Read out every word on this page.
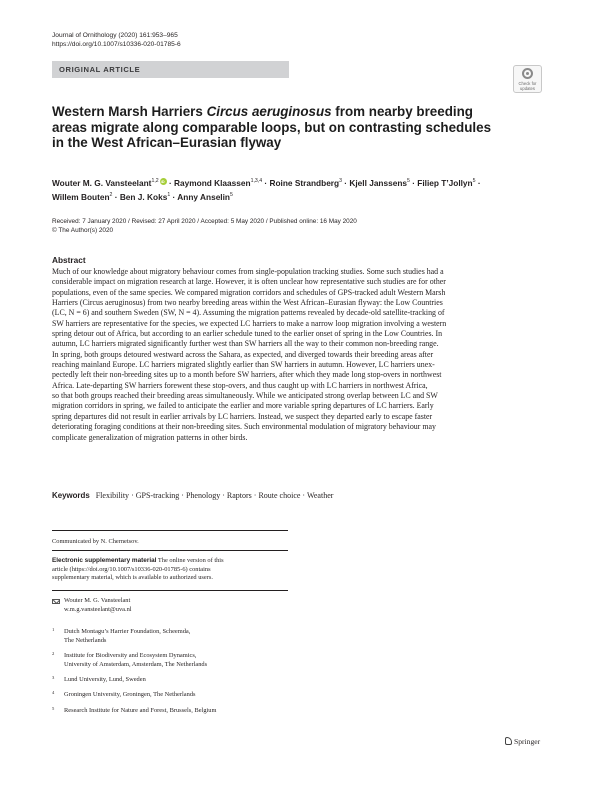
Journal of Ornithology (2020) 161:953–965
https://doi.org/10.1007/s10336-020-01785-6
ORIGINAL ARTICLE
Check for
updates
Western Marsh Harriers Circus aeruginosus from nearby breeding
areas migrate along comparable loops, but on contrasting schedules
in the West African–Eurasian flyway
Wouter M. G. Vansteelant$^{1,2}$iD · Raymond Klaassen$^{1,3,4}$ · Roine Strandberg$^3$ · Kjell Janssens$^5$ · Filiep T’Jollyn$^5$ ·
Willem Bouten$^2$ · Ben J. Koks$^1$ · Anny Anselin$^5$
Received: 7 January 2020 / Revised: 27 April 2020 / Accepted: 5 May 2020 / Published online: 16 May 2020
© The Author(s) 2020
Abstract
Much of our knowledge about migratory behaviour comes from single-population tracking studies. Some such studies had a
considerable impact on migration research at large. However, it is often unclear how representative such studies are for other
populations, even of the same species. We compared migration corridors and schedules of GPS-tracked adult Western Marsh
Harriers (Circus aeruginosus) from two nearby breeding areas within the West African–Eurasian flyway: the Low Countries
(LC, N = 6) and southern Sweden (SW, N = 4). Assuming the migration patterns revealed by decade-old satellite-tracking of
SW harriers are representative for the species, we expected LC harriers to make a narrow loop migration involving a western
spring detour out of Africa, but according to an earlier schedule tuned to the earlier onset of spring in the Low Countries. In
autumn, LC harriers migrated significantly further west than SW harriers all the way to their common non-breeding range.
In spring, both groups detoured westward across the Sahara, as expected, and diverged towards their breeding areas after
reaching mainland Europe. LC harriers migrated slightly earlier than SW harriers in autumn. However, LC harriers unex-
pectedly left their non-breeding sites up to a month before SW harriers, after which they made long stop-overs in northwest
Africa. Late-departing SW harriers forewent these stop-overs, and thus caught up with LC harriers in northwest Africa,
so that both groups reached their breeding areas simultaneously. While we anticipated strong overlap between LC and SW
migration corridors in spring, we failed to anticipate the earlier and more variable spring departures of LC harriers. Early
spring departures did not result in earlier arrivals by LC harriers. Instead, we suspect they departed early to escape faster
deteriorating foraging conditions at their non-breeding sites. Such environmental modulation of migratory behaviour may
complicate generalization of migration patterns in other birds.
Keywords Flexibility · GPS-tracking · Phenology · Raptors · Route choice · Weather
Communicated by N. Chernetsov.
Electronic supplementary material The online version of this
article (https://doi.org/10.1007/s10336-020-01785-6) contains
supplementary material, which is available to authorized users.
Wouter M. G. Vansteelant
w.m.g.vansteelant@uva.nl
1 Dutch Montagu’s Harrier Foundation, Scheemda,
The Netherlands
2 Institute for Biodiversity and Ecosystem Dynamics,
University of Amsterdam, Amsterdam, The Netherlands
3 Lund University, Lund, Sweden
4 Groningen University, Groningen, The Netherlands
5 Research Institute for Nature and Forest, Brussels, Belgium
Springer
